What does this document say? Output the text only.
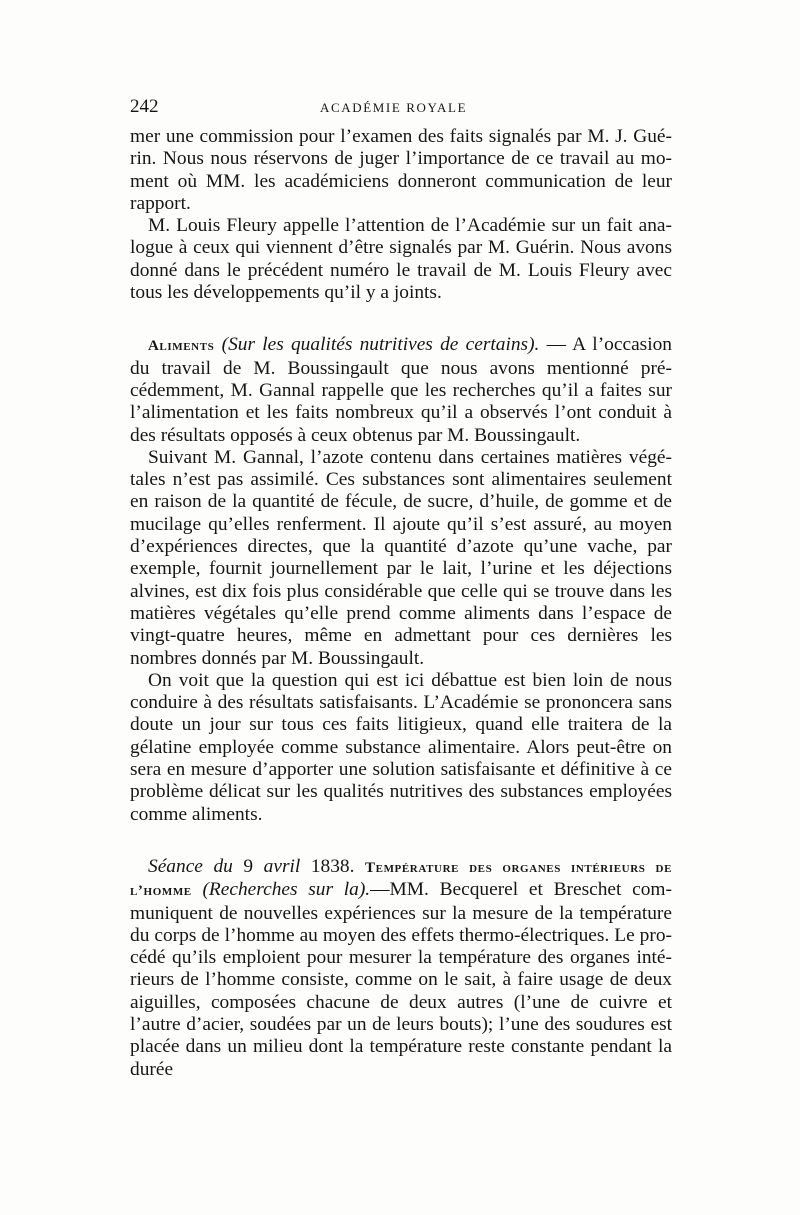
242	ACADÉMIE ROYALE

mer une commission pour l’examen des faits signalés par M. J. Guérin. Nous nous réservons de juger l’importance de ce travail au moment où MM. les académiciens donneront communication de leur rapport.

M. Louis Fleury appelle l’attention de l’Académie sur un fait analogue à ceux qui viennent d’être signalés par M. Guérin. Nous avons donné dans le précédent numéro le travail de M. Louis Fleury avec tous les développements qu’il y a joints.

Aliments (Sur les qualités nutritives de certains). — A l’occasion du travail de M. Boussingault que nous avons mentionné précédemment, M. Gannal rappelle que les recherches qu’il a faites sur l’alimentation et les faits nombreux qu’il a observés l’ont conduit à des résultats opposés à ceux obtenus par M. Boussingault.

Suivant M. Gannal, l’azote contenu dans certaines matières végétales n’est pas assimilé. Ces substances sont alimentaires seulement en raison de la quantité de fécule, de sucre, d’huile, de gomme et de mucilage qu’elles renferment. Il ajoute qu’il s’est assuré, au moyen d’expériences directes, que la quantité d’azote qu’une vache, par exemple, fournit journellement par le lait, l’urine et les déjections alvines, est dix fois plus considérable que celle qui se trouve dans les matières végétales qu’elle prend comme aliments dans l’espace de vingt-quatre heures, même en admettant pour ces dernières les nombres donnés par M. Boussingault.

On voit que la question qui est ici débattue est bien loin de nous conduire à des résultats satisfaisants. L’Académie se prononcera sans doute un jour sur tous ces faits litigieux, quand elle traitera de la gélatine employée comme substance alimentaire. Alors peut-être on sera en mesure d’apporter une solution satisfaisante et définitive à ce problème délicat sur les qualités nutritives des substances employées comme aliments.

Séance du 9 avril 1838. Température des organes intérieurs de l’homme (Recherches sur la).—MM. Becquerel et Breschet communiquent de nouvelles expériences sur la mesure de la température du corps de l’homme au moyen des effets thermo-électriques. Le procédé qu’ils emploient pour mesurer la température des organes intérieurs de l’homme consiste, comme on le sait, à faire usage de deux aiguilles, composées chacune de deux autres (l’une de cuivre et l’autre d’acier, soudées par un de leurs bouts); l’une des soudures est placée dans un milieu dont la température reste constante pendant la durée
